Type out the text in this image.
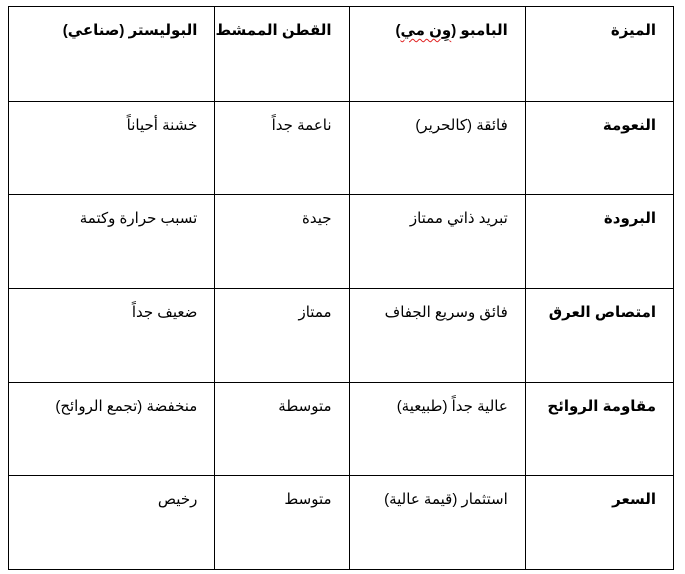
الميزة	البامبو (وِن مي)	القطن الممشط	البوليستر (صناعي)
النعومة	فائقة (كالحرير)	ناعمة جداً	خشنة أحياناً
البرودة	تبريد ذاتي ممتاز	جيدة	تسبب حرارة وكتمة
امتصاص العرق	فائق وسريع الجفاف	ممتاز	ضعيف جداً
مقاومة الروائح	عالية جداً (طبيعية)	متوسطة	منخفضة (تجمع الروائح)
السعر	استثمار (قيمة عالية)	متوسط	رخيص
